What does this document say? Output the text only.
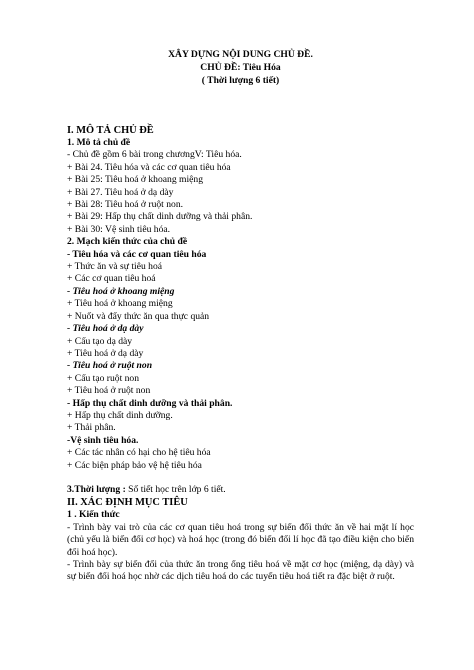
XÂY DỰNG NỘI DUNG CHỦ ĐỀ.
CHỦ ĐỀ: Tiêu Hóa
( Thời lượng 6 tiết)
I. MÔ TẢ CHỦ ĐỀ
1. Mô tả chủ đề
- Chủ đề gồm 6 bài trong chươngV: Tiêu hóa.
+ Bài 24. Tiêu hóa và các cơ quan tiêu hóa
+ Bài 25: Tiêu hoá ở khoang miệng
+ Bài 27. Tiêu hoá ở dạ dày
+ Bài 28: Tiêu hoá ở ruột non.
+ Bài 29: Hấp thụ chất dinh dưỡng và thải phân.
+ Bài 30: Vệ sinh tiêu hóa.
2. Mạch kiến thức của chủ đề
- Tiêu hóa và các cơ quan tiêu hóa
+ Thức ăn và sự tiêu hoá
+ Các cơ quan tiêu hoá
- Tiêu hoá ở khoang miệng
+ Tiêu hoá ở khoang miệng
+ Nuốt và đẩy thức ăn qua thực quản
- Tiêu hoá ở dạ dày
+ Cấu tạo dạ dày
+ Tiêu hoá ở dạ dày
- Tiêu hoá ở ruột non
+ Cấu tạo ruột non
+ Tiêu hoá ở ruột non
- Hấp thụ chất dinh dưỡng và thải phân.
+ Hấp thụ chất dinh dưỡng.
+ Thải phân.
-Vệ sinh tiêu hóa.
+ Các tác nhân có hại cho hệ tiêu hóa
+ Các biện pháp bảo vệ hệ tiêu hóa
3.Thời lượng : Số tiết học trên lớp 6 tiết.
II. XÁC ĐỊNH MỤC TIÊU
1 . Kiến thức
- Trình bày vai trò của các cơ quan tiêu hoá trong sự biến đổi thức ăn về hai mặt lí học (chủ yếu là biến đổi cơ học) và hoá học (trong đó biến đổi lí học đã tạo điều kiện cho biến đổi hoá học).
- Trình bày sự biến đổi của thức ăn trong ống tiêu hoá về mặt cơ học (miệng, dạ dày) và sự biến đổi hoá học nhờ các dịch tiêu hoá do các tuyến tiêu hoá tiết ra đặc biệt ở ruột.
